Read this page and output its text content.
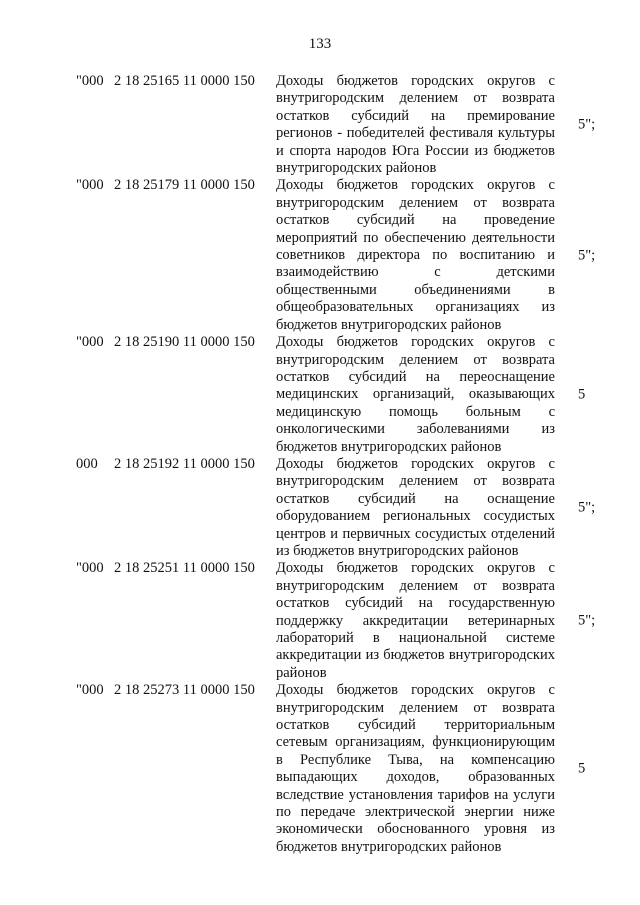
133
"000 2 18 25165 11 0000 150 Доходы бюджетов городских округов с внутригородским делением от возврата остатков субсидий на премирование регионов - победителей фестиваля культуры и спорта народов Юга России из бюджетов внутригородских районов
5";
"000 2 18 25179 11 0000 150 Доходы бюджетов городских округов с внутригородским делением от возврата остатков субсидий на проведение мероприятий по обеспечению деятельности советников директора по воспитанию и взаимодействию с детскими общественными объединениями в общеобразовательных организациях из бюджетов внутригородских районов
5";
"000 2 18 25190 11 0000 150 Доходы бюджетов городских округов с внутригородским делением от возврата остатков субсидий на переоснащение медицинских организаций, оказывающих медицинскую помощь больным с онкологическими заболеваниями из бюджетов внутригородских районов
5
000 2 18 25192 11 0000 150 Доходы бюджетов городских округов с внутригородским делением от возврата остатков субсидий на оснащение оборудованием региональных сосудистых центров и первичных сосудистых отделений из бюджетов внутригородских районов
5";
"000 2 18 25251 11 0000 150 Доходы бюджетов городских округов с внутригородским делением от возврата остатков субсидий на государственную поддержку аккредитации ветеринарных лабораторий в национальной системе аккредитации из бюджетов внутригородских районов
5";
"000 2 18 25273 11 0000 150 Доходы бюджетов городских округов с внутригородским делением от возврата остатков субсидий территориальным сетевым организациям, функционирующим в Республике Тыва, на компенсацию выпадающих доходов, образованных вследствие установления тарифов на услуги по передаче электрической энергии ниже экономически обоснованного уровня из бюджетов внутригородских районов
5
